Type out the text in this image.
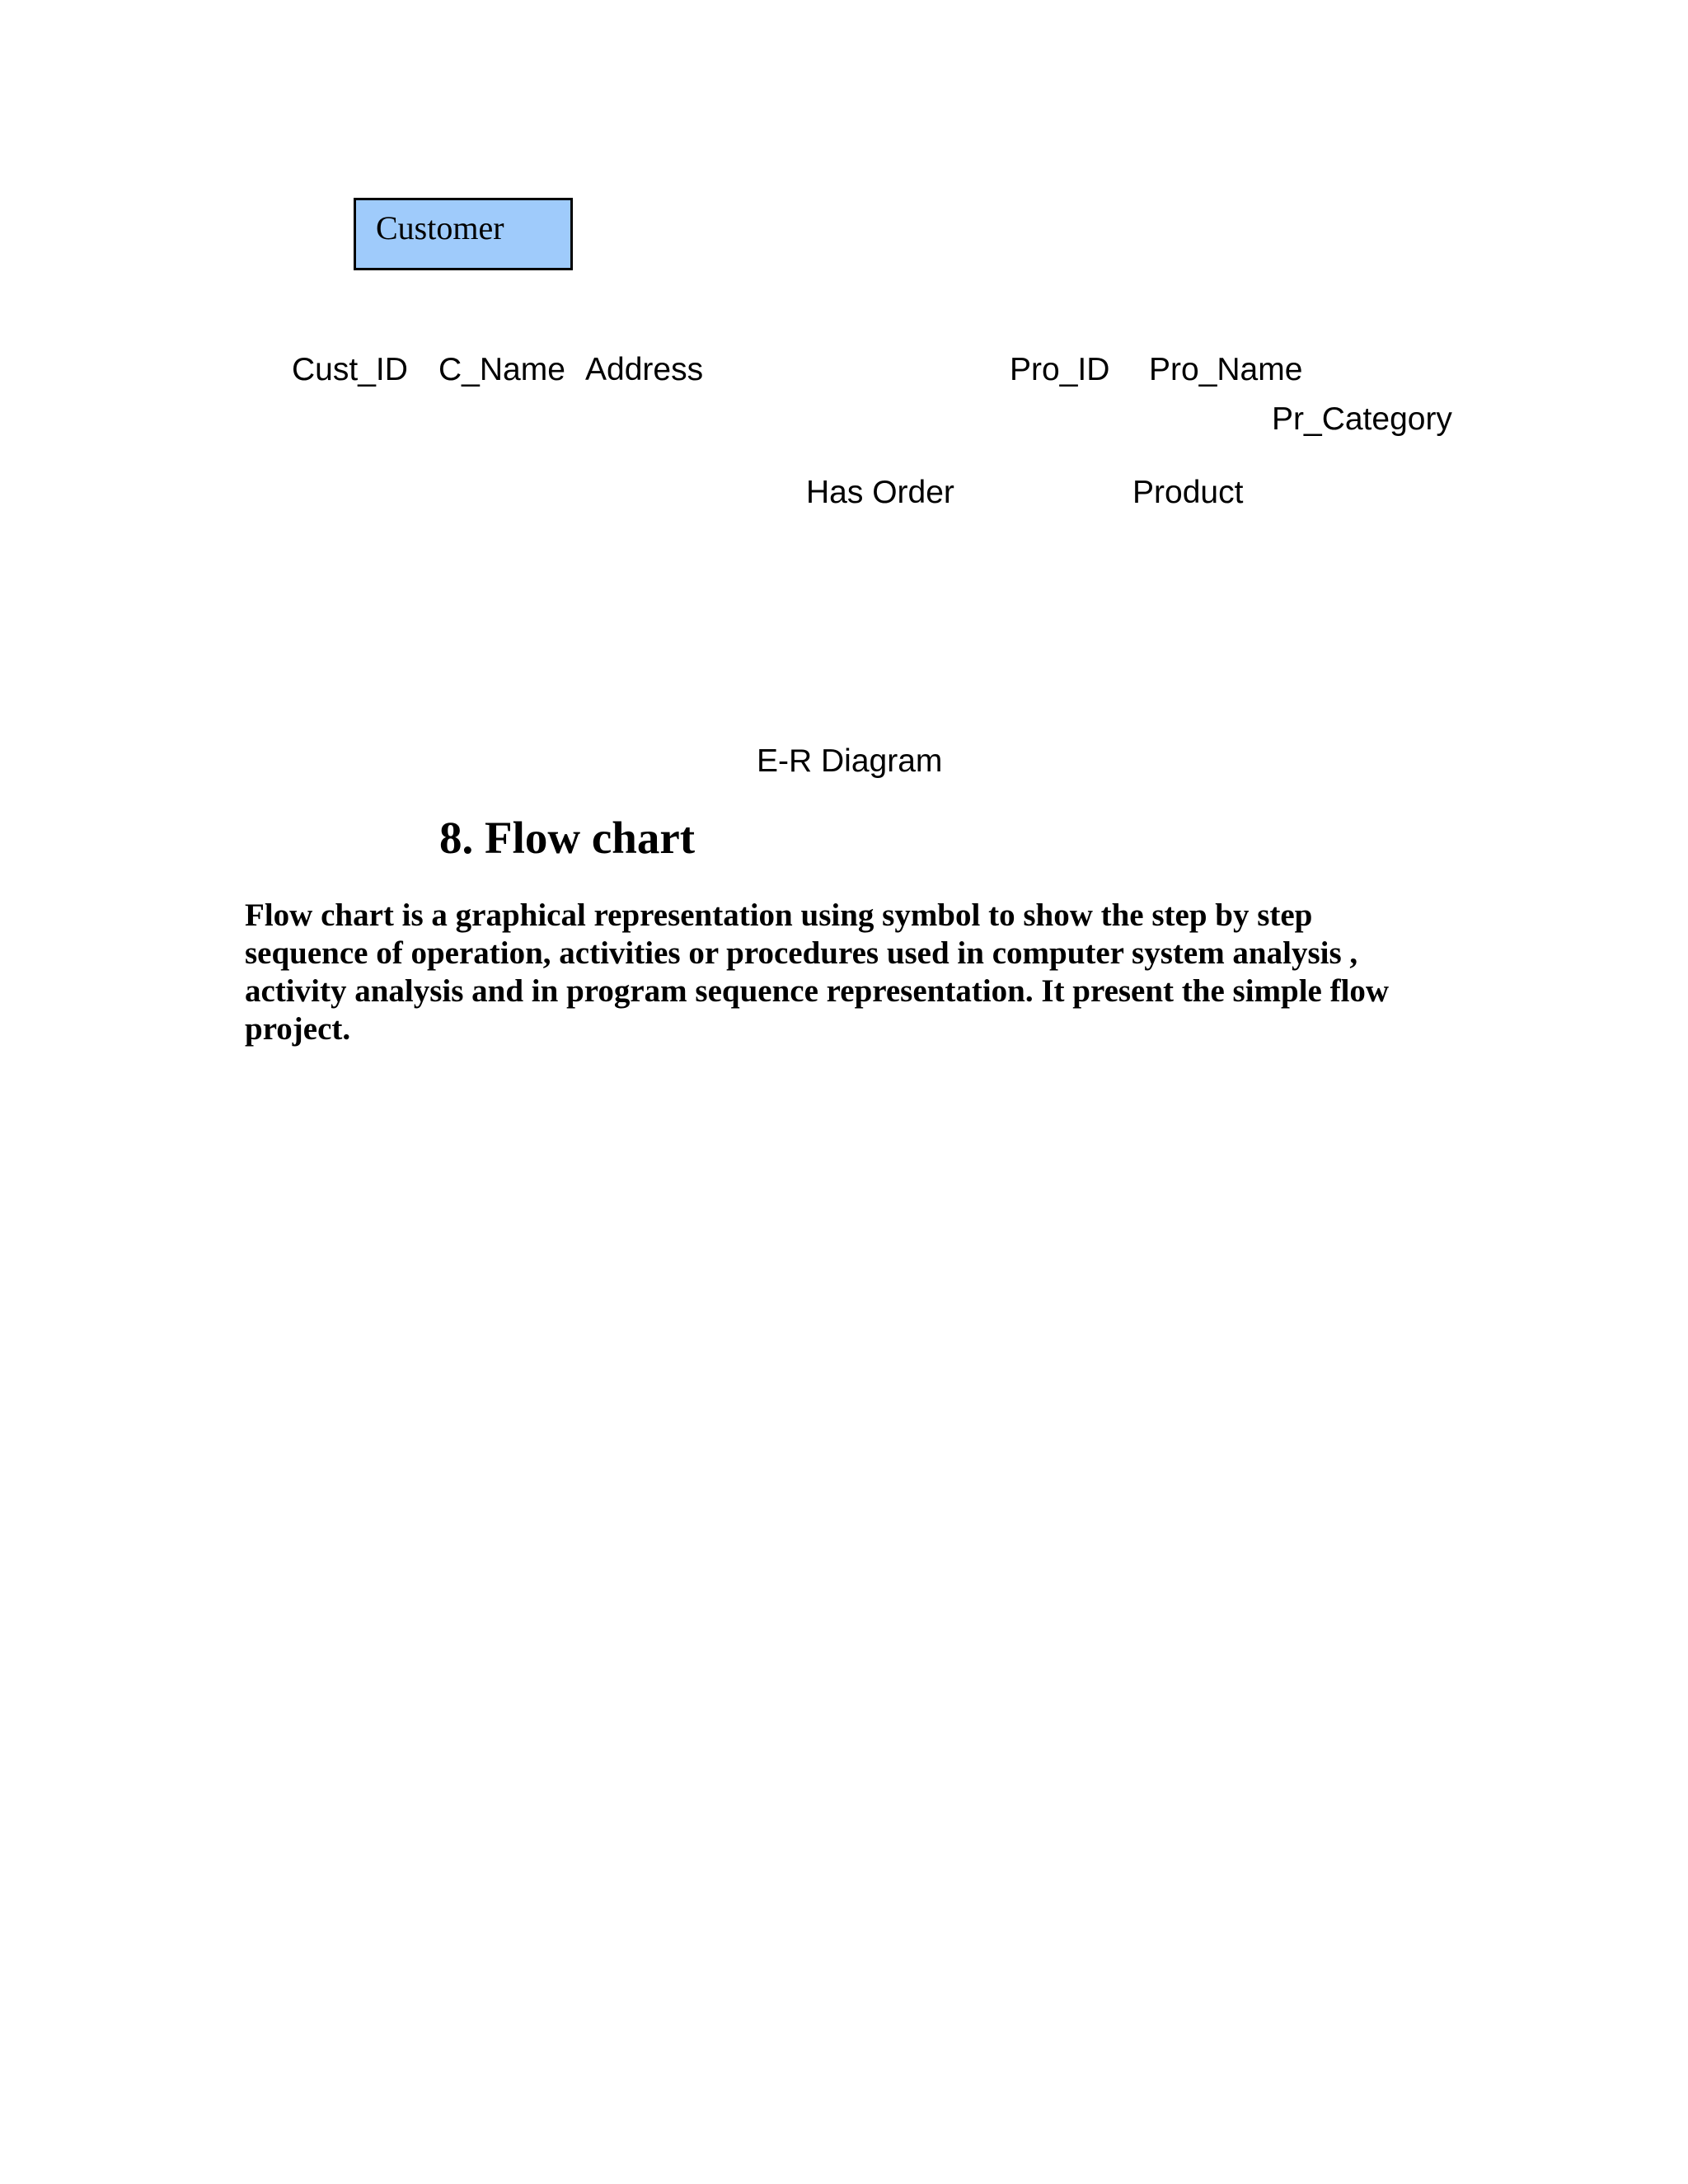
Customer
Cust_ID C_Name Address	Pro_ID Pro_Name
Pr_Category
Has Order	Product
E-R Diagram
8. Flow chart
Flow chart is a graphical representation using symbol to show the step by step
sequence of operation, activities or procedures used in computer system analysis ,
activity analysis and in program sequence representation. It present the simple flow
project.
